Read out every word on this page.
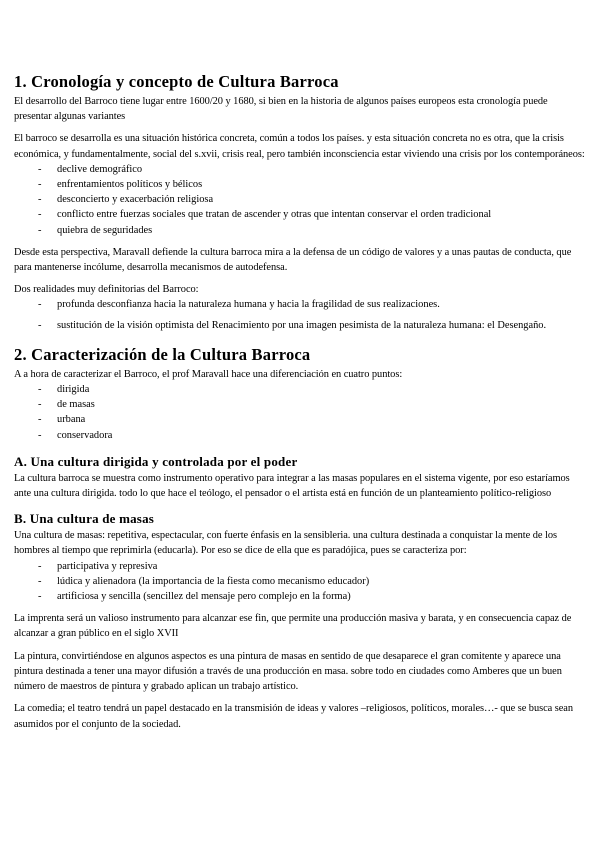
1. Cronología y concepto de Cultura Barroca

El desarrollo del Barroco tiene lugar entre 1600/20 y 1680, si bien en la historia de algunos países europeos esta cronología puede presentar algunas variantes

El barroco se desarrolla es una situación histórica concreta, común a todos los países. y esta situación concreta no es otra, que la crisis económica, y fundamentalmente, social del s.xvii, crisis real, pero también inconsciencia estar viviendo una crisis por los contemporáneos:

- declive demográfico
- enfrentamientos políticos y bélicos
- desconcierto y exacerbación religiosa
- conflicto entre fuerzas sociales que tratan de ascender y otras que intentan conservar el orden tradicional
- quiebra de seguridades

Desde esta perspectiva, Maravall defiende la cultura barroca mira a la defensa de un código de valores y a unas pautas de conducta, que para mantenerse incólume, desarrolla mecanismos de autodefensa.

Dos realidades muy definitorias del Barroco:

- profunda desconfianza hacia la naturaleza humana y hacia la fragilidad de sus realizaciones.
- sustitución de la visión optimista del Renacimiento por una imagen pesimista de la naturaleza humana: el Desengaño.
2. Caracterización de la Cultura Barroca

A a hora de caracterizar el Barroco, el prof Maravall hace una diferenciación en cuatro puntos:

- dirigida
- de masas
- urbana
- conservadora
A. Una cultura dirigida y controlada por el poder

La cultura barroca se muestra como instrumento operativo para integrar a las masas populares en el sistema vigente, por eso estaríamos ante una cultura dirigida. todo lo que hace el teólogo, el pensador o el artista está en función de un planteamiento político-religioso

B. Una cultura de masas

Una cultura de masas: repetitiva, espectacular, con fuerte énfasis en la sensibleria. una cultura destinada a conquistar la mente de los hombres al tiempo que reprimirla (educarla). Por eso se dice de ella que es paradójica, pues se caracteriza por:

- participativa y represiva
- lúdica y alienadora (la importancia de la fiesta como mecanismo educador)
- artificiosa y sencilla (sencillez del mensaje pero complejo en la forma)

La imprenta será un valioso instrumento para alcanzar ese fin, que permite una producción masiva y barata, y en consecuencia capaz de alcanzar a gran público en el siglo XVII

La pintura, convirtiéndose en algunos aspectos es una pintura de masas en sentido de que desaparece el gran comitente y aparece una pintura destinada a tener una mayor difusión a través de una producción en masa. sobre todo en ciudades como Amberes que un buen número de maestros de pintura y grabado aplican un trabajo artístico.

La comedia; el teatro tendrá un papel destacado en la transmisión de ideas y valores –religiosos, políticos, morales…- que se busca sean asumidos por el conjunto de la sociedad.
